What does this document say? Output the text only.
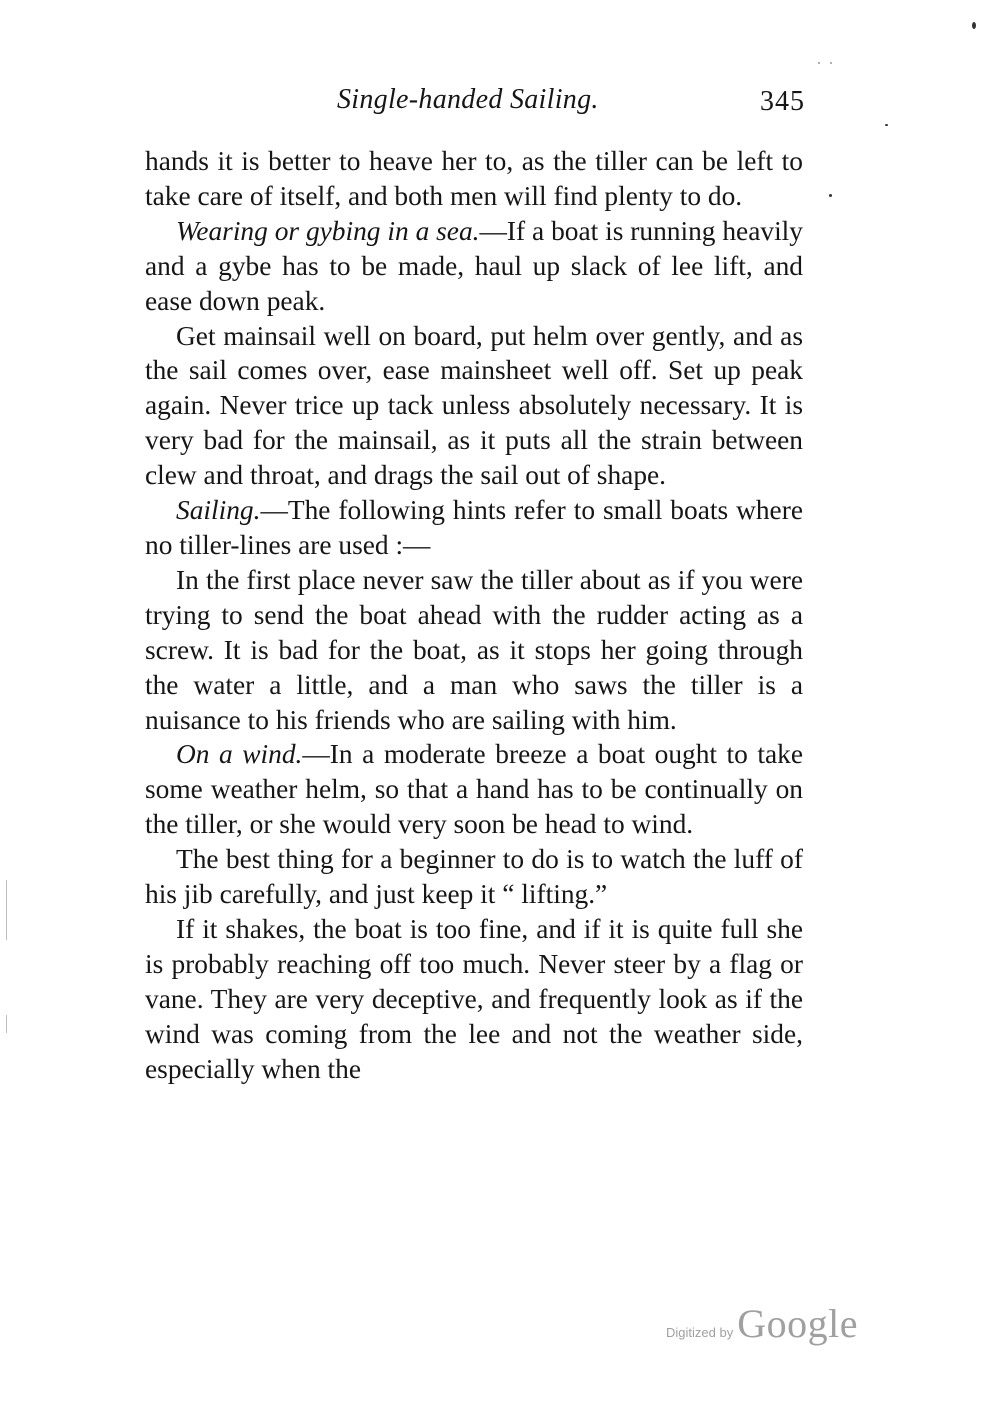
Single-handed Sailing.	345

hands it is better to heave her to, as the tiller can be left to take care of itself, and both men will find plenty to do.

Wearing or gybing in a sea.—If a boat is running heavily and a gybe has to be made, haul up slack of lee lift, and ease down peak.

Get mainsail well on board, put helm over gently, and as the sail comes over, ease mainsheet well off. Set up peak again. Never trice up tack unless absolutely necessary. It is very bad for the mainsail, as it puts all the strain between clew and throat, and drags the sail out of shape.

Sailing.—The following hints refer to small boats where no tiller-lines are used :—

In the first place never saw the tiller about as if you were trying to send the boat ahead with the rudder acting as a screw. It is bad for the boat, as it stops her going through the water a little, and a man who saws the tiller is a nuisance to his friends who are sailing with him.

On a wind.—In a moderate breeze a boat ought to take some weather helm, so that a hand has to be continually on the tiller, or she would very soon be head to wind.

The best thing for a beginner to do is to watch the luff of his jib carefully, and just keep it “ lifting.”

If it shakes, the boat is too fine, and if it is quite full she is probably reaching off too much. Never steer by a flag or vane. They are very deceptive, and frequently look as if the wind was coming from the lee and not the weather side, especially when the

Digitized by Google
